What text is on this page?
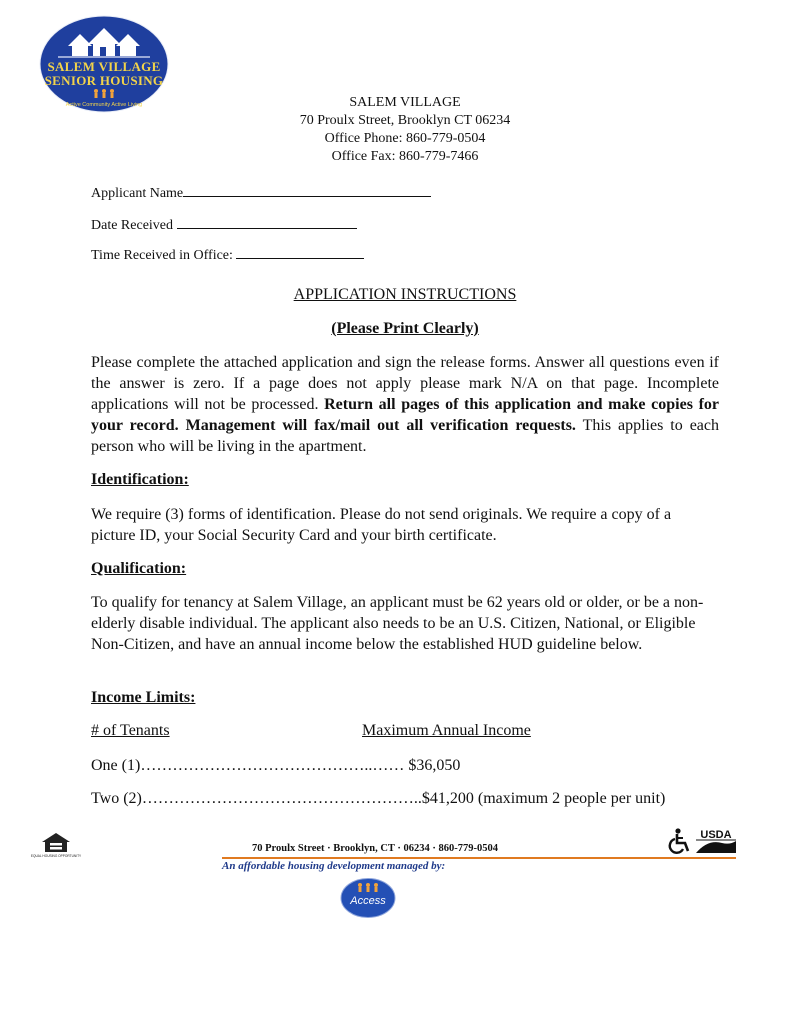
SALEM VILLAGE
SENIOR HOUSING
Active Community Active Living	SALEM VILLAGE
70 Proulx Street, Brooklyn CT 06234
Office Phone: 860-779-0504
Office Fax: 860-779-7466
Applicant Name
Date Received
Time Received in Office:
APPLICATION INSTRUCTIONS
(Please Print Clearly)
Please complete the attached application and sign the release forms. Answer all questions even if the answer is zero. If a page does not apply please mark N/A on that page. Incomplete applications will not be processed. Return all pages of this application and make copies for your record. Management will fax/mail out all verification requests. This applies to each person who will be living in the apartment.
Identification:
We require (3) forms of identification. Please do not send originals. We require a copy of a picture ID, your Social Security Card and your birth certificate.
Qualification:
To qualify for tenancy at Salem Village, an applicant must be 62 years old or older, or be a non-elderly disable individual. The applicant also needs to be an U.S. Citizen, National, or Eligible Non-Citizen, and have an annual income below the established HUD guideline below.
Income Limits:
# of Tenants	Maximum Annual Income
One (1)……………………………………..…… $36,050
Two (2)……………………………………………..$41,200 (maximum 2 people per unit)
EQUAL HOUSING OPPORTUNITY
70 Proulx Street · Brooklyn, CT · 06234 · 860-779-0504
An affordable housing development managed by:
USDA
Access
